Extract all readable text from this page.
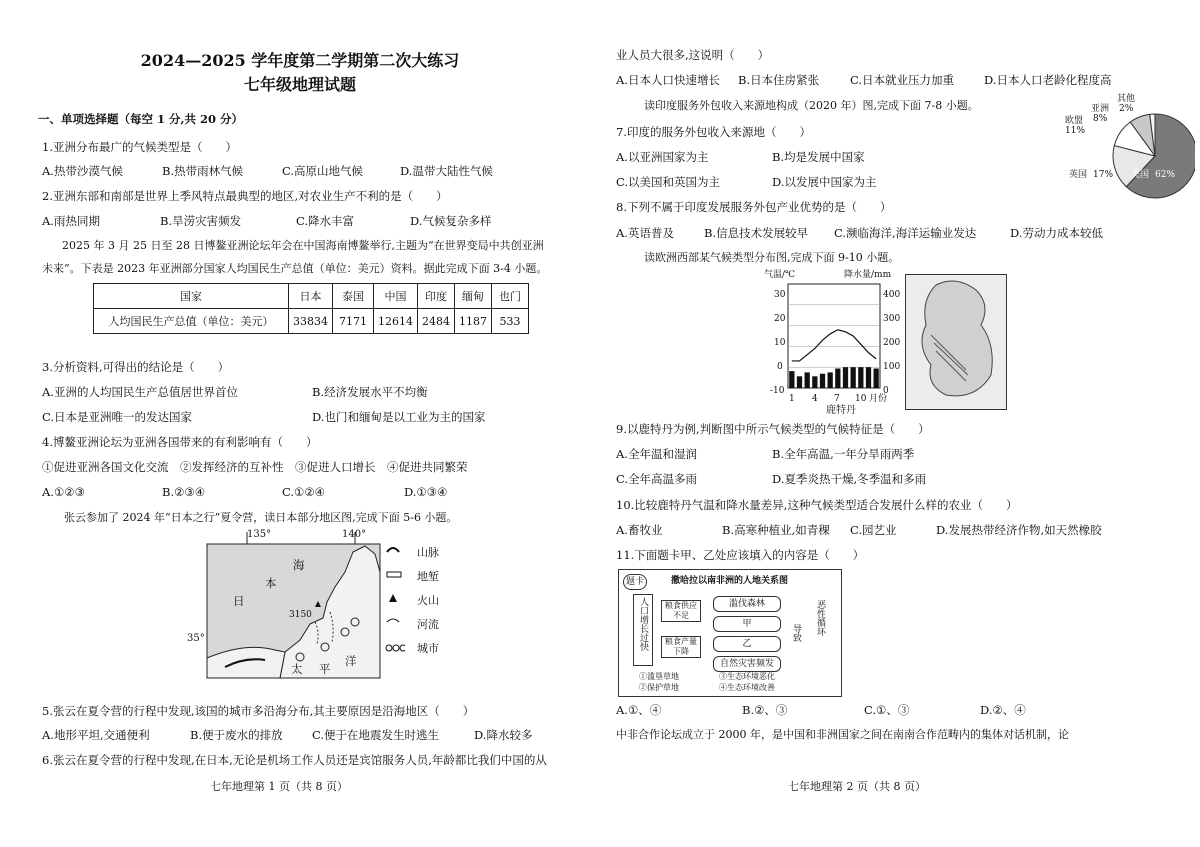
2024—2025 学年度第二学期第二次大练习
七年级地理试题
一、单项选择题（每空 1 分,共 20 分）
1.亚洲分布最广的气候类型是（　　）
A.热带沙漠气候	B.热带雨林气候	C.高原山地气候	D.温带大陆性气候
2.亚洲东部和南部是世界上季风特点最典型的地区,对农业生产不利的是（　　）
A.雨热同期	B.旱涝灾害频发	C.降水丰富	D.气候复杂多样
2025 年 3 月 25 日至 28 日博鳌亚洲论坛年会在中国海南博鳌举行,主题为“在世界变局中共创亚洲
未来”。下表是 2023 年亚洲部分国家人均国民生产总值（单位：美元）资料。据此完成下面 3-4 小题。
国家	日本	泰国	中国	印度	缅甸	也门
人均国民生产总值（单位：美元）	33834	7171	12614	2484	1187	533
3.分析资料,可得出的结论是（　　）
A.亚洲的人均国民生产总值居世界首位	B.经济发展水平不均衡
C.日本是亚洲唯一的发达国家	D.也门和缅甸是以工业为主的国家
4.博鳌亚洲论坛为亚洲各国带来的有利影响有（　　）
①促进亚洲各国文化交流　②发挥经济的互补性　③促进人口增长　④促进共同繁荣
A.①②③	B.②③④	C.①②④	D.①③④
张云参加了 2024 年“日本之行”夏令营，读日本部分地区图,完成下面 5-6 小题。
135°	140°
35°
海
本
日
太 平
洋
3150
山脉
地堑
火山
河流
城市
5.张云在夏令营的行程中发现,该国的城市多沿海分布,其主要原因是沿海地区（　　）
A.地形平坦,交通便利	B.便于废水的排放	C.便于在地震发生时逃生	D.降水较多
6.张云在夏令营的行程中发现,在日本,无论是机场工作人员还是宾馆服务人员,年龄都比我们中国的从
七年地理第 1 页（共 8 页）
业人员大很多,这说明（　　）
A.日本人口快速增长 B.日本住房紧张	C.日本就业压力加重	D.日本人口老龄化程度高
读印度服务外包收入来源地构成（2020 年）图,完成下面 7-8 小题。
7.印度的服务外包收入来源地（　　）
A.以亚洲国家为主	B.均是发展中国家
C.以美国和英国为主	D.以发展中国家为主
8.下列不属于印度发展服务外包产业优势的是（　　）
A.英语普及	B.信息技术发展较早 C.濒临海洋,海洋运输业发达	D.劳动力成本较低
亚洲
8%
欧盟
11%
其他
2%
英国 17% 美国 62%
读欧洲西部某气候类型分布图,完成下面 9-10 小题。
气温/℃	降水量/mm
30
20
10
0
-10
400
300
200
100
0
1 4 7 10 月份
鹿特丹
9.以鹿特丹为例,判断图中所示气候类型的气候特征是（　　）
A.全年温和湿润	B.全年高温,一年分旱雨两季
C.全年高温多雨	D.夏季炎热干燥,冬季温和多雨
10.比较鹿特丹气温和降水量差异,这种气候类型适合发展什么样的农业（　　）
A.畜牧业	B.高寒种植业,如青稞 C.园艺业	D.发展热带经济作物,如天然橡胶
11.下面题卡甲、乙处应该填入的内容是（　　）
题卡	撒哈拉以南非洲的人地关系图
人口增长过快	粮食供应不足
粮食产量下降
滥伐森林
甲
乙
自然灾害频发
导致 恶性循环
①滥垦草地	③生态环境恶化
②保护草地	④生态环境改善
A.①、④	B.②、③	C.①、③	D.②、④
中非合作论坛成立于 2000 年，是中国和非洲国家之间在南南合作范畴内的集体对话机制，论
七年地理第 2 页（共 8 页）
